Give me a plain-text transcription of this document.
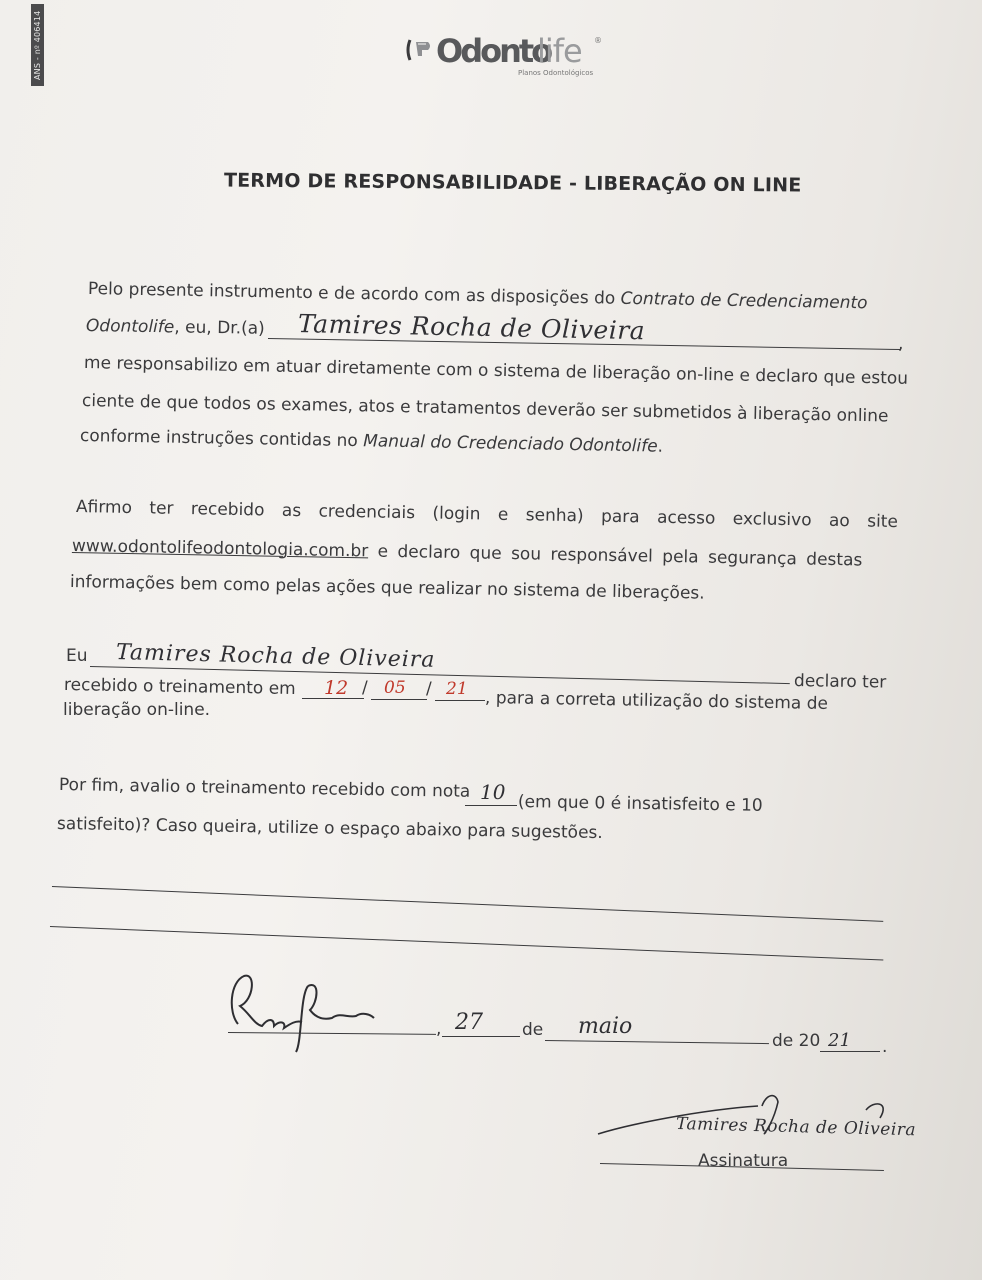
ANS - nº 406414	Odonto
life ®
Planos Odontológicos
TERMO DE RESPONSABILIDADE - LIBERAÇÃO ON LINE
Pelo presente instrumento e de acordo com as disposições do Contrato de Credenciamento
Odontolife, eu, Dr.(a) Tamires Rocha de Oliveira	,
me responsabilizo em atuar diretamente com o sistema de liberação on-line e declaro que estou
ciente de que todos os exames, atos e tratamentos deverão ser submetidos à liberação online
conforme instruções contidas no Manual do Credenciado Odontolife.
Afirmo ter recebido as credenciais (login e senha) para acesso exclusivo ao site
www.odontolifeodontologia.com.br e declaro que sou responsável pela segurança destas
informações bem como pelas ações que realizar no sistema de liberações.
Eu Tamires Rocha de Oliveira
declaro ter
recebido o treinamento em 12 / 05 / 21 , para a correta utilização do sistema de
liberação on-line.
Por fim, avalio o treinamento recebido com nota 10 (em que 0 é insatisfeito e 10
satisfeito)? Caso queira, utilize o espaço abaixo para sugestões.
, 27 de maio
de 20 21 .
Tamires Rocha de Oliveira
Assinatura
